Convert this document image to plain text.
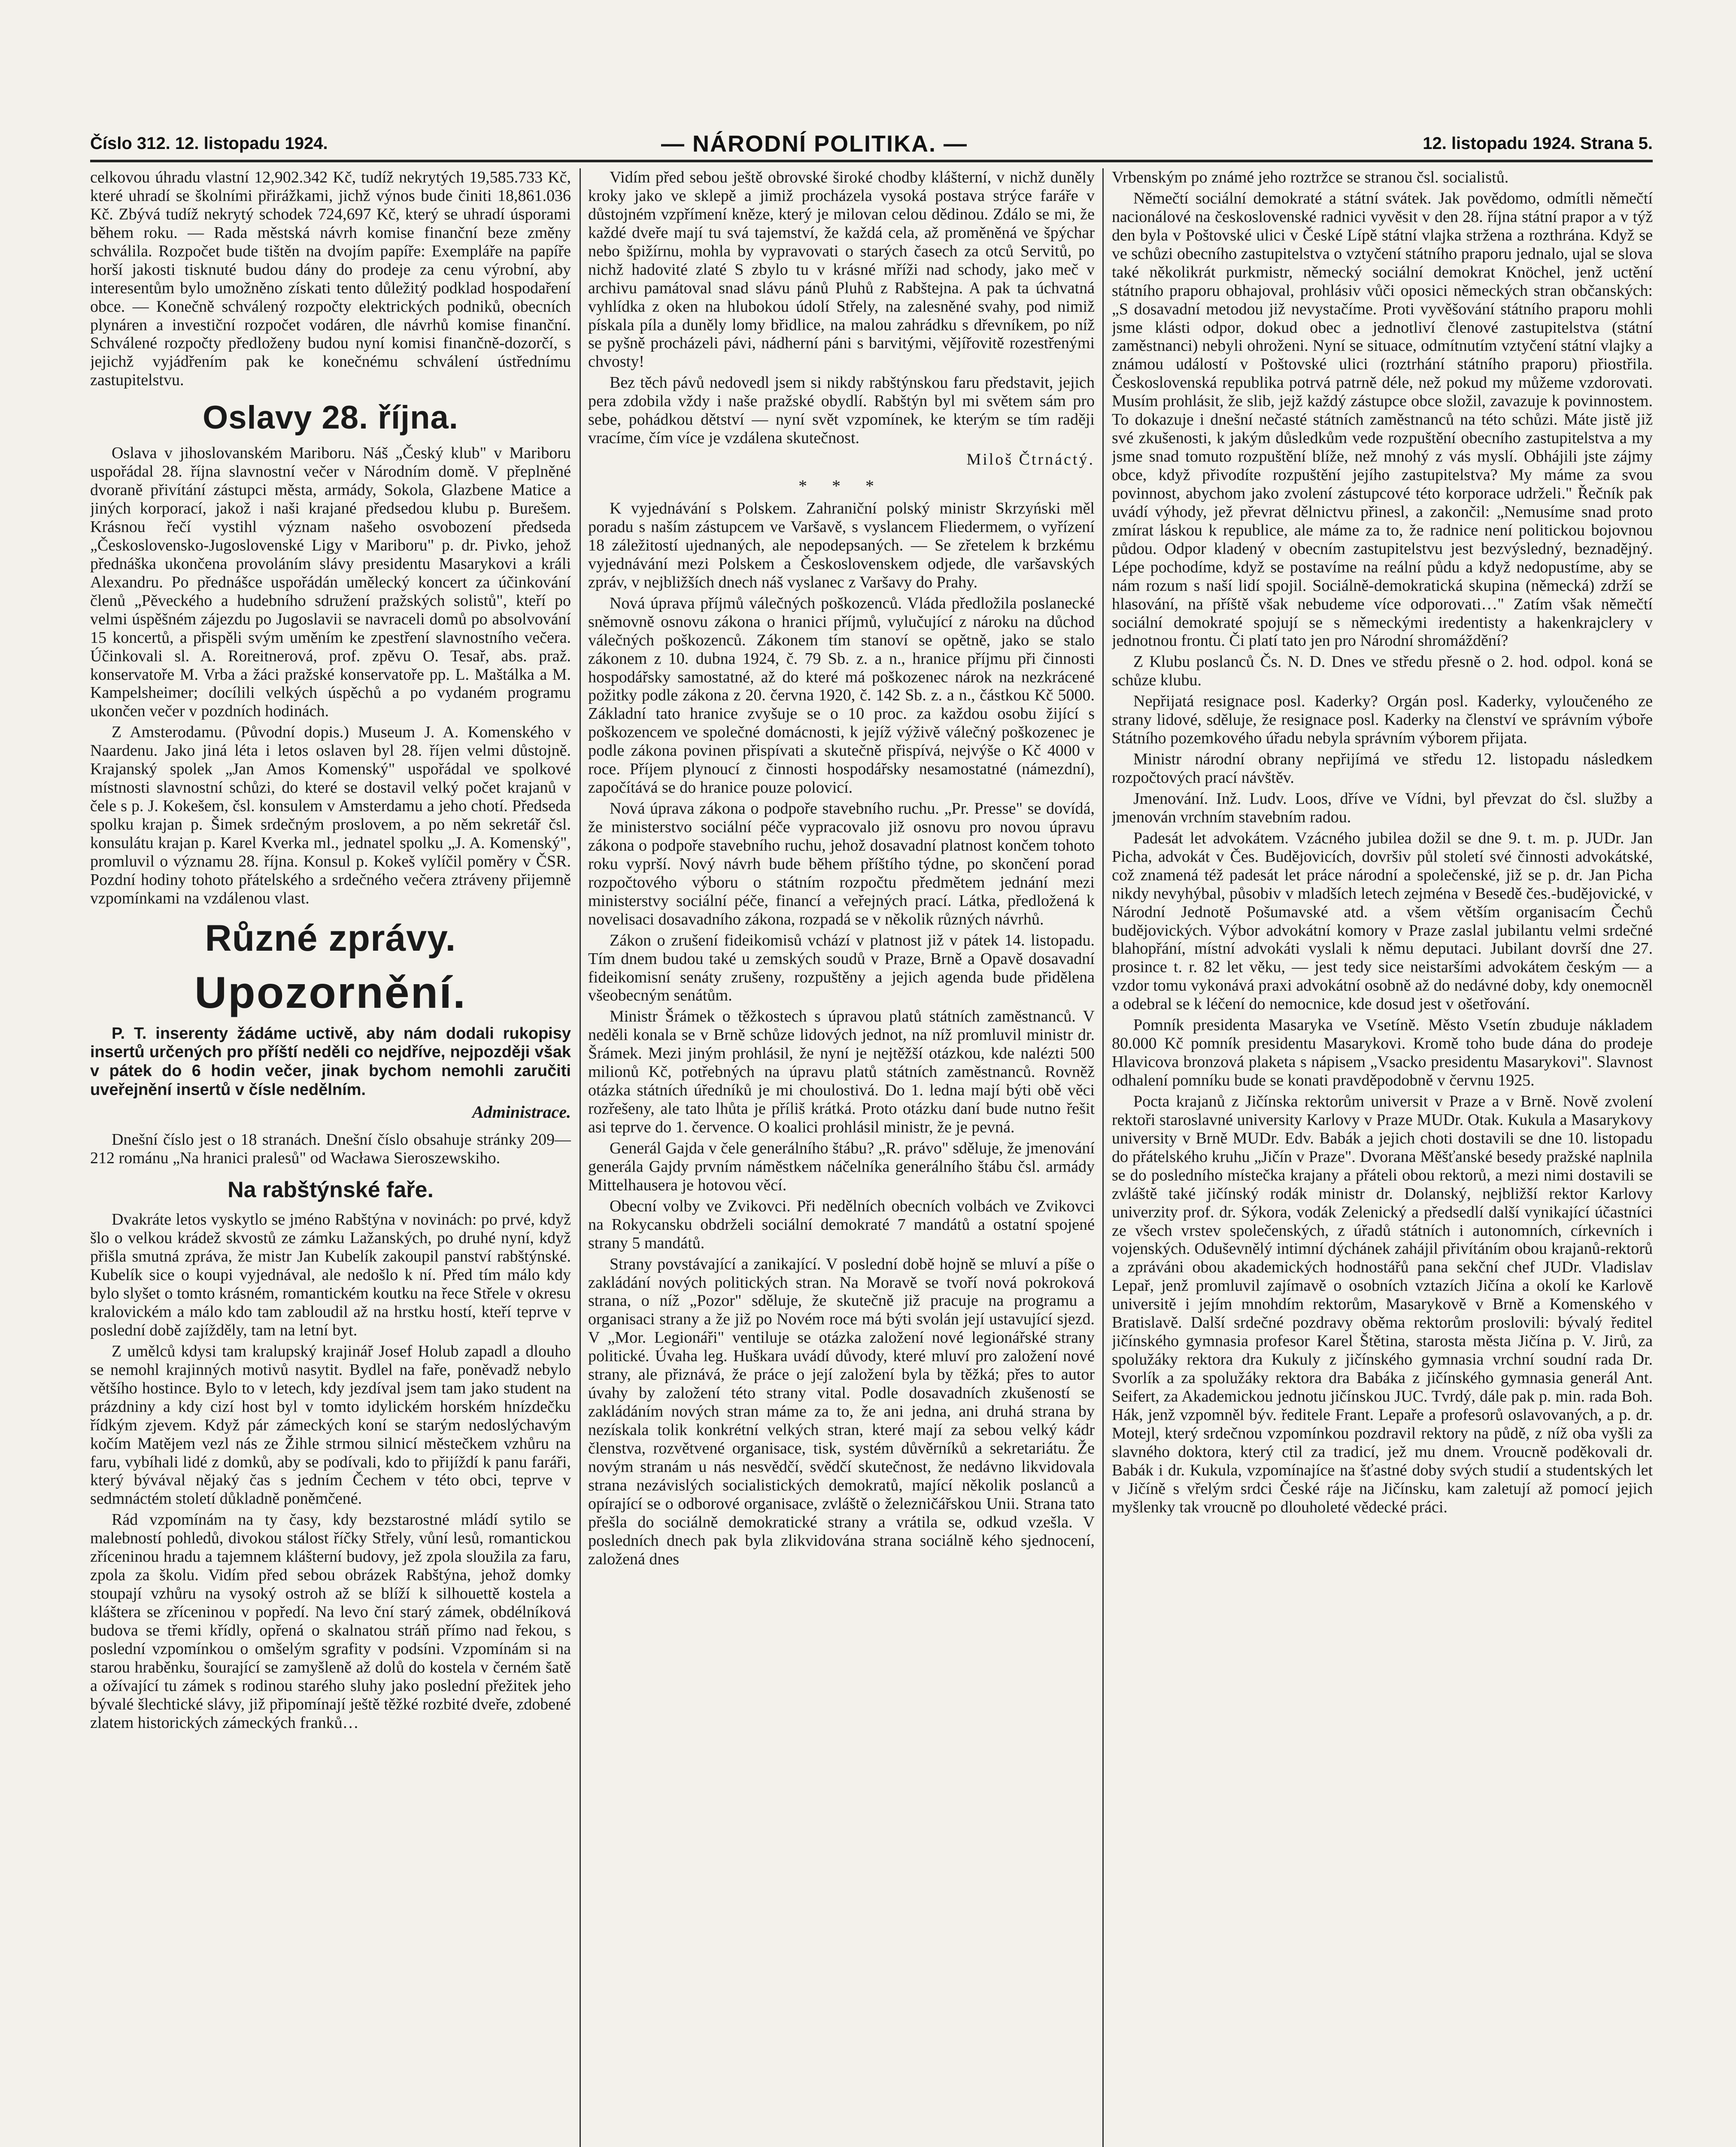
Číslo 312. 12. listopadu 1924.	— NÁRODNÍ POLITIKA. —	12. listopadu 1924. Strana 5.

celkovou úhradu vlastní 12,902.342 Kč, tudíž nekrytých 19,585.733 Kč, které uhradí se školními přirážkami, jichž výnos bude činiti 18,861.036 Kč. Zbývá tudíž nekrytý schodek 724,697 Kč, který se uhradí úsporami během roku. — Rada městská návrh komise finanční beze změny schválila. Rozpočet bude tištěn na dvojím papíře: Exempláře na papíře horší jakosti tisknuté budou dány do prodeje za cenu výrobní, aby interesentům bylo umožněno získati tento důležitý podklad hospodaření obce. — Konečně schválený rozpočty elektrických podniků, obecních plynáren a investiční rozpočet vodáren, dle návrhů komise finanční. Schválené rozpočty předloženy budou nyní komisi finančně-dozorčí, s jejichž vyjádřením pak ke konečnému schválení ústřednímu zastupitelstvu.

Oslavy 28. října.

Oslava v jihoslovanském Mariboru. Náš „Český klub" v Mariboru uspořádal 28. října slavnostní večer v Národním domě. V přeplněné dvoraně přivítání zástupci města, armády, Sokola, Glazbene Matice a jiných korporací, jakož i naši krajané předsedou klubu p. Burešem. Krásnou řečí vystihl význam našeho osvobození předseda „Československo-Jugoslovenské Ligy v Mariboru" p. dr. Pivko, jehož přednáška ukončena provoláním slávy presidentu Masarykovi a králi Alexandru. Po přednášce uspořádán umělecký koncert za účinkování členů „Pěveckého a hudebního sdružení pražských solistů", kteří po velmi úspěšném zájezdu po Jugoslavii se navraceli domů po absolvování 15 koncertů, a přispěli svým uměním ke zpestření slavnostního večera. Účinkovali sl. A. Roreitnerová, prof. zpěvu O. Tesař, abs. praž. konservatoře M. Vrba a žáci pražské konservatoře pp. L. Maštálka a M. Kampelsheimer; docílili velkých úspěchů a po vydaném programu ukončen večer v pozdních hodinách.

Z Amsterodamu. (Původní dopis.) Museum J. A. Komenského v Naardenu. Jako jiná léta i letos oslaven byl 28. říjen velmi důstojně. Krajanský spolek „Jan Amos Komenský" uspořádal ve spolkové místnosti slavnostní schůzi, do které se dostavil velký počet krajanů v čele s p. J. Kokešem, čsl. konsulem v Amsterdamu a jeho chotí. Předseda spolku krajan p. Šimek srdečným proslovem, a po něm sekretář čsl. konsulátu krajan p. Karel Kverka ml., jednatel spolku „J. A. Komenský", promluvil o významu 28. října. Konsul p. Kokeš vylíčil poměry v ČSR. Pozdní hodiny tohoto přátelského a srdečného večera ztráveny přijemně vzpomínkami na vzdálenou vlast.

Různé zprávy.
Upozornění.

P. T. inserenty žádáme uctivě, aby nám dodali rukopisy insertů určených pro příští neděli co nejdříve, nejpozději však v pátek do 6 hodin večer, jinak bychom nemohli zaručiti uveřejnění insertů v čísle nedělním.

Administrace.

Dnešní číslo jest o 18 stranách. Dnešní číslo obsahuje stránky 209—212 románu „Na hranici pralesů" od Wacława Sieroszewskiho.

Na rabštýnské faře.

Dvakráte letos vyskytlo se jméno Rabštýna v novinách: po prvé, když šlo o velkou krádež skvostů ze zámku Lažanských, po druhé nyní, když přišla smutná zpráva, že mistr Jan Kubelík zakoupil panství rabštýnské. Kubelík sice o koupi vyjednával, ale nedošlo k ní. Před tím málo kdy bylo slyšet o tomto krásném, romantickém koutku na řece Střele v okresu kralovickém a málo kdo tam zabloudil až na hrstku hostí, kteří teprve v poslední době zajížděly, tam na letní byt.

Z umělců kdysi tam kralupský krajinář Josef Holub zapadl a dlouho se nemohl krajinných motivů nasytit. Bydlel na faře, poněvadž nebylo většího hostince. Bylo to v letech, kdy jezdíval jsem tam jako student na prázdniny a kdy cizí host byl v tomto idylickém horském hnízdečku řídkým zjevem. Když pár zámeckých koní se starým nedoslýchavým kočím Matějem vezl nás ze Žihle strmou silnicí městečkem vzhůru na faru, vybíhali lidé z domků, aby se podívali, kdo to přijíždí k panu faráři, který bývával nějaký čas s jedním Čechem v této obci, teprve v sedmnáctém století důkladně poněmčené.

Rád vzpomínám na ty časy, kdy bezstarostné mládí sytilo se malebností pohledů, divokou stálost říčky Střely, vůní lesů, romantickou zříceninou hradu a tajemnem klášterní budovy, jež zpola sloužila za faru, zpola za školu. Vidím před sebou obrázek Rabštýna, jehož domky stoupají vzhůru na vysoký ostroh až se blíží k silhouettě kostela a kláštera se zříceninou v popředí. Na levo ční starý zámek, obdélníková budova se třemi křídly, opřená o skalnatou stráň přímo nad řekou, s poslední vzpomínkou o omšelým sgrafity v podsíni. Vzpomínám si na starou hraběnku, šourající se zamyšleně až dolů do kostela v černém šatě a ožívající tu zámek s rodinou starého sluhy jako poslední přežitek jeho bývalé šlechtické slávy, již připomínají ještě těžké rozbité dveře, zdobené zlatem historických zámeckých franků…

Vidím před sebou ještě obrovské široké chodby klášterní, v nichž duněly kroky jako ve sklepě a jimiž procházela vysoká postava strýce faráře v důstojném vzpřímení kněze, který je milovan celou dědinou. Zdálo se mi, že každé dveře mají tu svá tajemství, že každá cela, až proměněná ve špýchar nebo špižírnu, mohla by vypravovati o starých časech za otců Servitů, po nichž hadovité zlaté S zbylo tu v krásné mříži nad schody, jako meč v archivu památoval snad slávu pánů Pluhů z Rabštejna. A pak ta úchvatná vyhlídka z oken na hlubokou údolí Střely, na zalesněné svahy, pod nimiž pískala píla a duněly lomy břidlice, na malou zahrádku s dřevníkem, po níž se pyšně procházeli pávi, nádherní páni s barvitými, vějířovitě rozestřenými chvosty!

Bez těch pávů nedovedl jsem si nikdy rabštýnskou faru představit, jejich pera zdobila vždy i naše pražské obydlí. Rabštýn byl mi světem sám pro sebe, pohádkou dětství — nyní svět vzpomínek, ke kterým se tím raději vracíme, čím více je vzdálena skutečnost.

Miloš Čtrnáctý.

* * *

K vyjednávání s Polskem. Zahraniční polský ministr Skrzyński měl poradu s naším zástupcem ve Varšavě, s vyslancem Fliedermem, o vyřízení 18 záležitostí ujednaných, ale nepodepsaných. — Se zřetelem k brzkému vyjednávání mezi Polskem a Československem odjede, dle varšavských zpráv, v nejbližších dnech náš vyslanec z Varšavy do Prahy.

Nová úprava příjmů válečných poškozenců. Vláda předložila poslanecké sněmovně osnovu zákona o hranici příjmů, vylučující z nároku na důchod válečných poškozenců. Zákonem tím stanoví se opětně, jako se stalo zákonem z 10. dubna 1924, č. 79 Sb. z. a n., hranice příjmu při činnosti hospodářsky samostatné, až do které má poškozenec nárok na nezkrácené požitky podle zákona z 20. června 1920, č. 142 Sb. z. a n., částkou Kč 5000. Základní tato hranice zvyšuje se o 10 proc. za každou osobu žijící s poškozencem ve společné domácnosti, k jejíž výživě válečný poškozenec je podle zákona povinen přispívati a skutečně přispívá, nejvýše o Kč 4000 v roce. Příjem plynoucí z činnosti hospodářsky nesamostatné (námezdní), započítává se do hranice pouze polovicí.

Nová úprava zákona o podpoře stavebního ruchu. „Pr. Presse" se dovídá, že ministerstvo sociální péče vypracovalo již osnovu pro novou úpravu zákona o podpoře stavebního ruchu, jehož dosavadní platnost končem tohoto roku vyprší. Nový návrh bude během příštího týdne, po skončení porad rozpočtového výboru o státním rozpočtu předmětem jednání mezi ministerstvy sociální péče, financí a veřejných prací. Látka, předložená k novelisaci dosavadního zákona, rozpadá se v několik různých návrhů.

Zákon o zrušení fideikomisů vchází v platnost již v pátek 14. listopadu. Tím dnem budou také u zemských soudů v Praze, Brně a Opavě dosavadní fideikomisní senáty zrušeny, rozpuštěny a jejich agenda bude přidělena všeobecným senátům.

Ministr Šrámek o těžkostech s úpravou platů státních zaměstnanců. V neděli konala se v Brně schůze lidových jednot, na níž promluvil ministr dr. Šrámek. Mezi jiným prohlásil, že nyní je nejtěžší otázkou, kde nalézti 500 milionů Kč, potřebných na úpravu platů státních zaměstnanců. Rovněž otázka státních úředníků je mi choulostivá. Do 1. ledna mají býti obě věci rozřešeny, ale tato lhůta je příliš krátká. Proto otázku daní bude nutno řešit asi teprve do 1. července. O koalici prohlásil ministr, že je pevná.

Generál Gajda v čele generálního štábu? „R. právo" sděluje, že jmenování generála Gajdy prvním náměstkem náčelníka generálního štábu čsl. armády Mittelhausera je hotovou věcí.

Obecní volby ve Zvikovci. Při nedělních obecních volbách ve Zvikovci na Rokycansku obdrželi sociální demokraté 7 mandátů a ostatní spojené strany 5 mandátů.

Strany povstávající a zanikající. V poslední době hojně se mluví a píše o zakládání nových politických stran. Na Moravě se tvoří nová pokroková strana, o níž „Pozor" sděluje, že skutečně již pracuje na programu a organisaci strany a že již po Novém roce má býti svolán její ustavující sjezd. V „Mor. Legionáři" ventiluje se otázka založení nové legionářské strany politické. Úvaha leg. Huškara uvádí důvody, které mluví pro založení nové strany, ale přiznává, že práce o její založení byla by těžká; přes to autor úvahy by založení této strany vital. Podle dosavadních zkušeností se zakládáním nových stran máme za to, že ani jedna, ani druhá strana by nezískala tolik konkrétní velkých stran, které mají za sebou velký kádr členstva, rozvětvené organisace, tisk, systém důvěrníků a sekretariátu. Že novým stranám u nás nesvědčí, svědčí skutečnost, že nedávno likvidovala strana nezávislých socialistických demokratů, mající několik poslanců a opírající se o odborové organisace, zvláště o železničářskou Unii. Strana tato přešla do sociálně demokratické strany a vrátila se, odkud vzešla. V posledních dnech pak byla zlikvidována strana sociálně kého sjednocení, založená dnes

Vrbenským po známé jeho roztržce se stranou čsl. socialistů.

Němečtí sociální demokraté a státní svátek. Jak povědomo, odmítli němečtí nacionálové na československé radnici vyvěsit v den 28. října státní prapor a v týž den byla v Poštovské ulici v České Lípě státní vlajka stržena a rozthrána. Když se ve schůzi obecního zastupitelstva o vztyčení státního praporu jednalo, ujal se slova také několikrát purkmistr, německý sociální demokrat Knöchel, jenž uctění státního praporu obhajoval, prohlásiv vůči oposici německých stran občanských: „S dosavadní metodou již nevystačíme. Proti vyvěšování státního praporu mohli jsme klásti odpor, dokud obec a jednotliví členové zastupitelstva (státní zaměstnanci) nebyli ohroženi. Nyní se situace, odmítnutím vztyčení státní vlajky a známou událostí v Poštovské ulici (roztrhání státního praporu) přiostřila. Československá republika potrvá patrně déle, než pokud my můžeme vzdorovati. Musím prohlásit, že slib, jejž každý zástupce obce složil, zavazuje k povinnostem. To dokazuje i dnešní nečasté státních zaměstnanců na této schůzi. Máte jistě již své zkušenosti, k jakým důsledkům vede rozpuštění obecního zastupitelstva a my jsme snad tomuto rozpuštění blíže, než mnohý z vás myslí. Obhájili jste zájmy obce, když přivodíte rozpuštění jejího zastupitelstva? My máme za svou povinnost, abychom jako zvolení zástupcové této korporace udrželi." Řečník pak uvádí výhody, jež převrat dělnictvu přinesl, a zakončil: „Nemusíme snad proto zmírat láskou k republice, ale máme za to, že radnice není politickou bojovnou půdou. Odpor kladený v obecním zastupitelstvu jest bezvýsledný, beznadějný. Lépe pochodíme, když se postavíme na reální půdu a když nedopustíme, aby se nám rozum s naší lidí spojil. Sociálně-demokratická skupina (německá) zdrží se hlasování, na příště však nebudeme více odporovati…" Zatím však němečtí sociální demokraté spojují se s německými iredentisty a hakenkrajclery v jednotnou frontu. Či platí tato jen pro Národní shromáždění?

Z Klubu poslanců Čs. N. D. Dnes ve středu přesně o 2. hod. odpol. koná se schůze klubu.

Nepřijatá resignace posl. Kaderky? Orgán posl. Kaderky, vyloučeného ze strany lidové, sděluje, že resignace posl. Kaderky na členství ve správním výboře Státního pozemkového úřadu nebyla správním výborem přijata.

Ministr národní obrany nepřijímá ve středu 12. listopadu následkem rozpočtových prací návštěv.

Jmenování. Inž. Ludv. Loos, dříve ve Vídni, byl převzat do čsl. služby a jmenován vrchním stavebním radou.

Padesát let advokátem. Vzácného jubilea dožil se dne 9. t. m. p. JUDr. Jan Picha, advokát v Čes. Budějovicích, dovršiv půl století své činnosti advokátské, což znamená též padesát let práce národní a společenské, již se p. dr. Jan Picha nikdy nevyhýbal, působiv v mladších letech zejména v Besedě čes.-budějovické, v Národní Jednotě Pošumavské atd. a všem větším organisacím Čechů budějovických. Výbor advokátní komory v Praze zaslal jubilantu velmi srdečné blahopřání, místní advokáti vyslali k němu deputaci. Jubilant dovrší dne 27. prosince t. r. 82 let věku, — jest tedy sice neistaršími advokátem českým — a vzdor tomu vykonává praxi advokátní osobně až do nedávné doby, kdy onemocněl a odebral se k léčení do nemocnice, kde dosud jest v ošetřování.

Pomník presidenta Masaryka ve Vsetíně. Město Vsetín zbuduje nákladem 80.000 Kč pomník presidentu Masarykovi. Kromě toho bude dána do prodeje Hlavicova bronzová plaketa s nápisem „Vsacko presidentu Masarykovi". Slavnost odhalení pomníku bude se konati pravděpodobně v červnu 1925.

Pocta krajanů z Jičínska rektorům universit v Praze a v Brně. Nově zvolení rektoři staroslavné university Karlovy v Praze MUDr. Otak. Kukula a Masarykovy university v Brně MUDr. Edv. Babák a jejich choti dostavili se dne 10. listopadu do přátelského kruhu „Jičín v Praze". Dvorana Měšťanské besedy pražské naplnila se do posledního místečka krajany a přáteli obou rektorů, a mezi nimi dostavili se zvláště také jičínský rodák ministr dr. Dolanský, nejbližší rektor Karlovy univerzity prof. dr. Sýkora, vodák Zelenický a předsedlí další vynikající účastníci ze všech vrstev společenských, z úřadů státních i autonomních, církevních i vojenských. Oduševnělý intimní dýchánek zahájil přivítáním obou krajanů-rektorů a zpráváni obou akademických hodnostářů pana sekční chef JUDr. Vladislav Lepař, jenž promluvil zajímavě o osobních vztazích Jičína a okolí ke Karlově universitě i jejím mnohdím rektorům, Masarykově v Brně a Komenského v Bratislavě. Další srdečné pozdravy oběma rektorům proslovili: bývalý ředitel jičínského gymnasia profesor Karel Štětina, starosta města Jičína p. V. Jirů, za spolužáky rektora dra Kukuly z jičínského gymnasia vrchní soudní rada Dr. Svorlík a za spolužáky rektora dra Babáka z jičínského gymnasia generál Ant. Seifert, za Akademickou jednotu jičínskou JUC. Tvrdý, dále pak p. min. rada Boh. Hák, jenž vzpomněl býv. ředitele Frant. Lepaře a profesorů oslavovaných, a p. dr. Motejl, který srdečnou vzpomínkou pozdravil rektory na půdě, z níž oba vyšli za slavného doktora, který ctil za tradicí, jež mu dnem. Vroucně poděkovali dr. Babák i dr. Kukula, vzpomínajíce na šťastné doby svých studií a studentských let v Jičíně s vřelým srdci České ráje na Jičínsku, kam zaletují až pomocí jejich myšlenky tak vroucně po dlouholeté vědecké práci.
